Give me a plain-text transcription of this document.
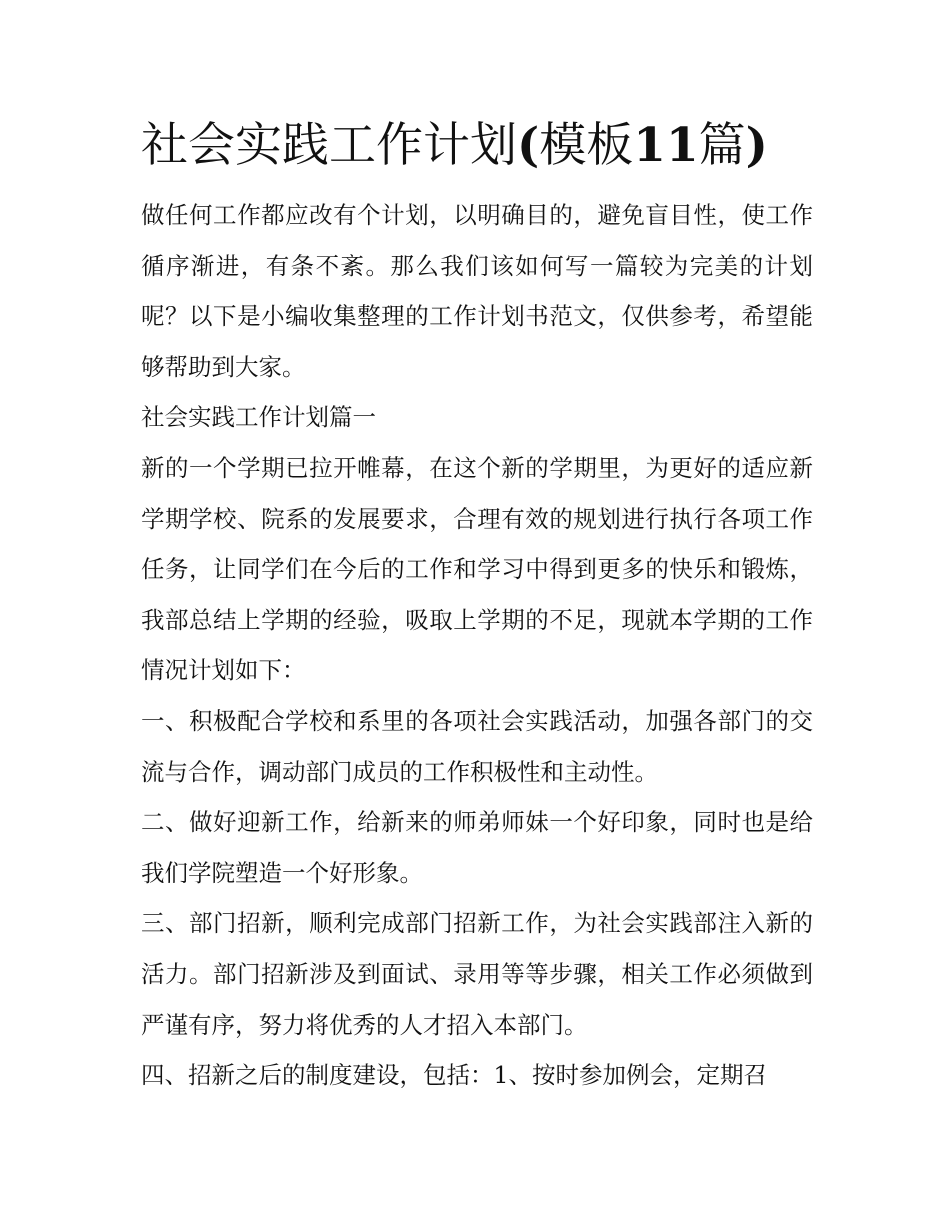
社会实践工作计划(模板11篇)

做任何工作都应改有个计划，以明确目的，避免盲目性，使工作循序渐进，有条不紊。那么我们该如何写一篇较为完美的计划呢？以下是小编收集整理的工作计划书范文，仅供参考，希望能够帮助到大家。

社会实践工作计划篇一

新的一个学期已拉开帷幕，在这个新的学期里，为更好的适应新学期学校、院系的发展要求，合理有效的规划进行执行各项工作任务，让同学们在今后的工作和学习中得到更多的快乐和锻炼，我部总结上学期的经验，吸取上学期的不足，现就本学期的工作情况计划如下：

一、积极配合学校和系里的各项社会实践活动，加强各部门的交流与合作，调动部门成员的工作积极性和主动性。

二、做好迎新工作，给新来的师弟师妹一个好印象，同时也是给我们学院塑造一个好形象。

三、部门招新，顺利完成部门招新工作，为社会实践部注入新的活力。部门招新涉及到面试、录用等等步骤，相关工作必须做到严谨有序，努力将优秀的人才招入本部门。

四、招新之后的制度建设，包括：1、按时参加例会，定期召
